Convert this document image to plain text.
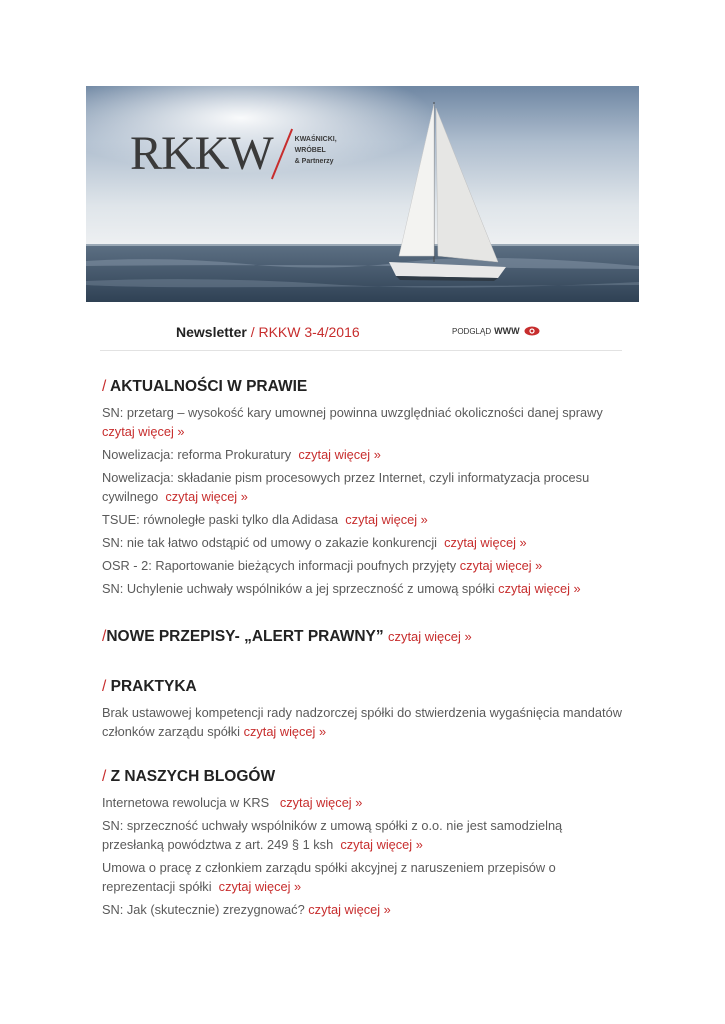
RKKW	KWAŚNICKI,
WRÓBEL
& Partnerzy
Newsletter / RKKW 3-4/2016	PODGLĄD WWW
/ AKTUALNOŚCI W PRAWIE
SN: przetarg – wysokość kary umownej powinna uwzględniać okoliczności danej sprawy czytaj więcej »
Nowelizacja: reforma Prokuratury czytaj więcej »
Nowelizacja: składanie pism procesowych przez Internet, czyli informatyzacja procesu cywilnego czytaj więcej »
TSUE: równoległe paski tylko dla Adidasa czytaj więcej »
SN: nie tak łatwo odstąpić od umowy o zakazie konkurencji czytaj więcej »
OSR - 2: Raportowanie bieżących informacji poufnych przyjęty czytaj więcej »
SN: Uchylenie uchwały wspólników a jej sprzeczność z umową spółki czytaj więcej »
/NOWE PRZEPISY- „ALERT PRAWNY” czytaj więcej »
/ PRAKTYKA
Brak ustawowej kompetencji rady nadzorczej spółki do stwierdzenia wygaśnięcia mandatów członków zarządu spółki czytaj więcej »
/ Z NASZYCH BLOGÓW
Internetowa rewolucja w KRS czytaj więcej »
SN: sprzeczność uchwały wspólników z umową spółki z o.o. nie jest samodzielną przesłanką powództwa z art. 249 § 1 ksh czytaj więcej »
Umowa o pracę z członkiem zarządu spółki akcyjnej z naruszeniem przepisów o reprezentacji spółki czytaj więcej »
SN: Jak (skutecznie) zrezygnować? czytaj więcej »
